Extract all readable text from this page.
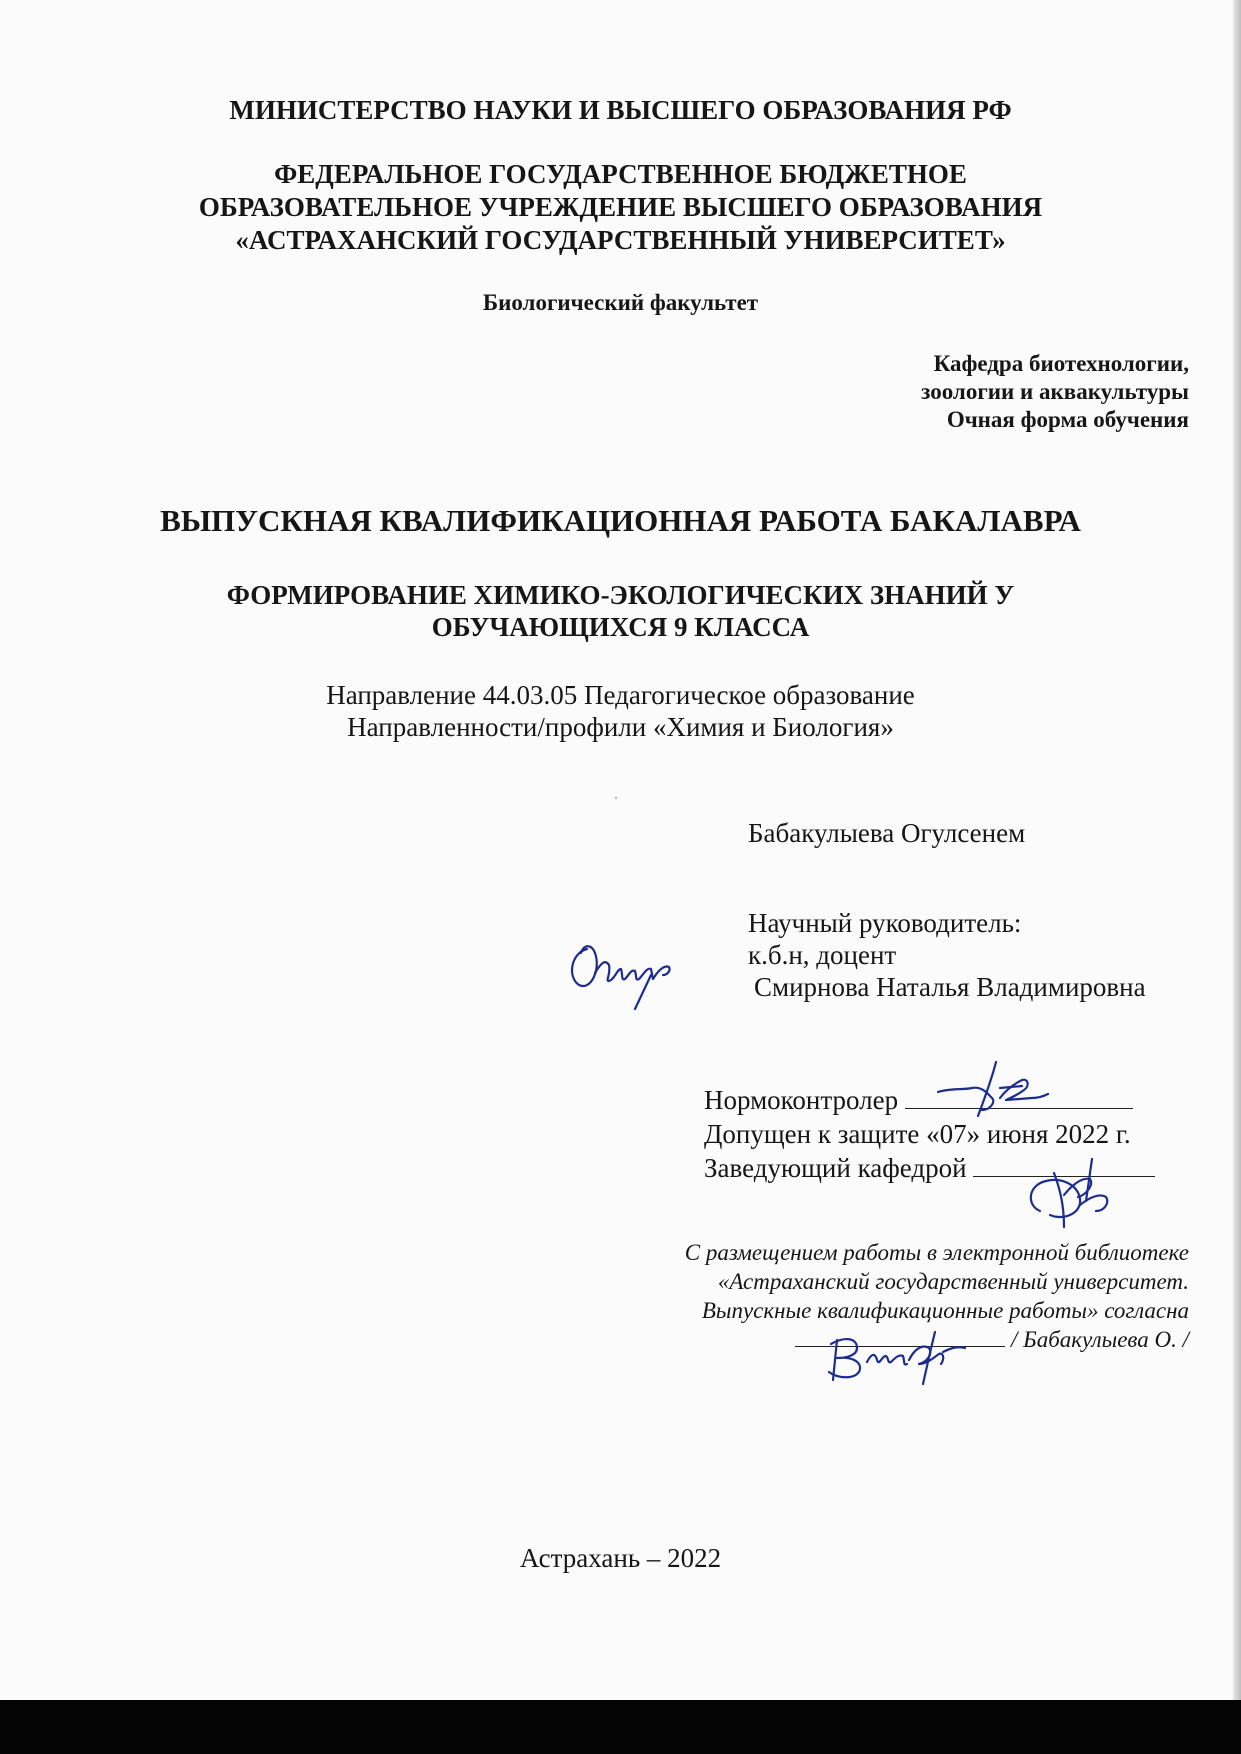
МИНИСТЕРСТВО НАУКИ И ВЫСШЕГО ОБРАЗОВАНИЯ РФ

ФЕДЕРАЛЬНОЕ ГОСУДАРСТВЕННОЕ БЮДЖЕТНОЕ
ОБРАЗОВАТЕЛЬНОЕ УЧРЕЖДЕНИЕ ВЫСШЕГО ОБРАЗОВАНИЯ
«АСТРАХАНСКИЙ ГОСУДАРСТВЕННЫЙ УНИВЕРСИТЕТ»

Биологический факультет

Кафедра биотехнологии,
зоологии и аквакультуры
Очная форма обучения

ВЫПУСКНАЯ КВАЛИФИКАЦИОННАЯ РАБОТА БАКАЛАВРА

ФОРМИРОВАНИЕ ХИМИКО-ЭКОЛОГИЧЕСКИХ ЗНАНИЙ У
ОБУЧАЮЩИХСЯ 9 КЛАССА
Направление 44.03.05 Педагогическое образование
Направленности/профили «Химия и Биология»

Бабакулыева Огулсенем

Научный руководитель:
к.б.н, доцент
Смирнова Наталья Владимировна
Нормоконтролер
Допущен к защите «07» июня 2022 г.
Заведующий кафедрой
С размещением работы в электронной библиотеке
«Астраханский государственный университет.
Выпускные квалификационные работы» согласна
/ Бабакулыева О. /

Астрахань – 2022
